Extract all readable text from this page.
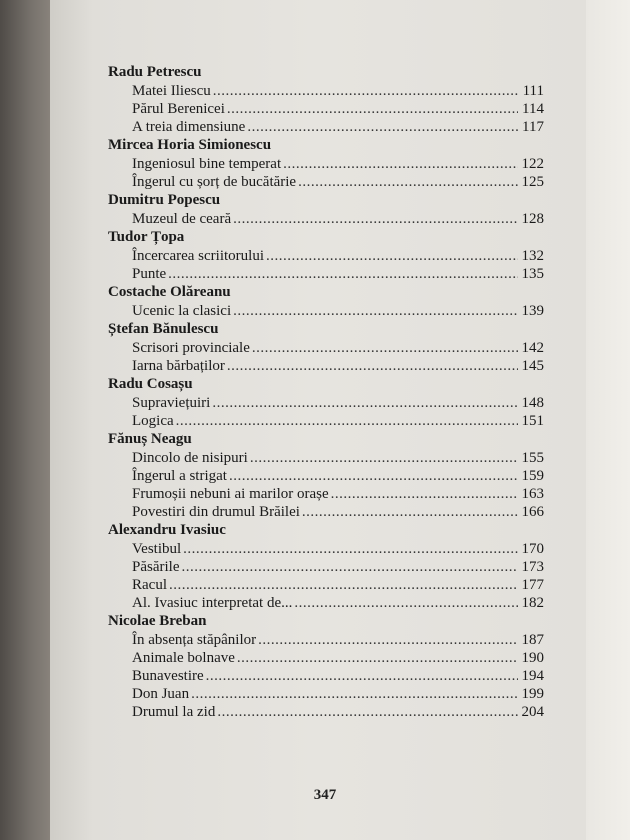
Radu Petrescu
Matei Iliescu .....	111
Părul Berenicei .....	114
A treia dimensiune .....	117
Mircea Horia Simionescu
Ingeniosul bine temperat .....	122
Îngerul cu șorț de bucătărie .....	125
Dumitru Popescu
Muzeul de ceară .....	128
Tudor Țopa
Încercarea scriitorului .....	132
Punte .....	135
Costache Olăreanu
Ucenic la clasici .....	139
Ștefan Bănulescu
Scrisori provinciale .....	142
Iarna bărbaților .....	145
Radu Cosașu
Supraviețuiri .....	148
Logica .....	151
Fănuș Neagu
Dincolo de nisipuri .....	155
Îngerul a strigat .....	159
Frumoșii nebuni ai marilor orașe .....	163
Povestiri din drumul Brăilei .....	166
Alexandru Ivasiuc
Vestibul .....	170
Păsările .....	173
Racul .....	177
Al. Ivasiuc interpretat de... .....	182
Nicolae Breban
În absența stăpânilor .....	187
Animale bolnave .....	190
Bunavestire .....	194
Don Juan .....	199
Drumul la zid .....	204
347
